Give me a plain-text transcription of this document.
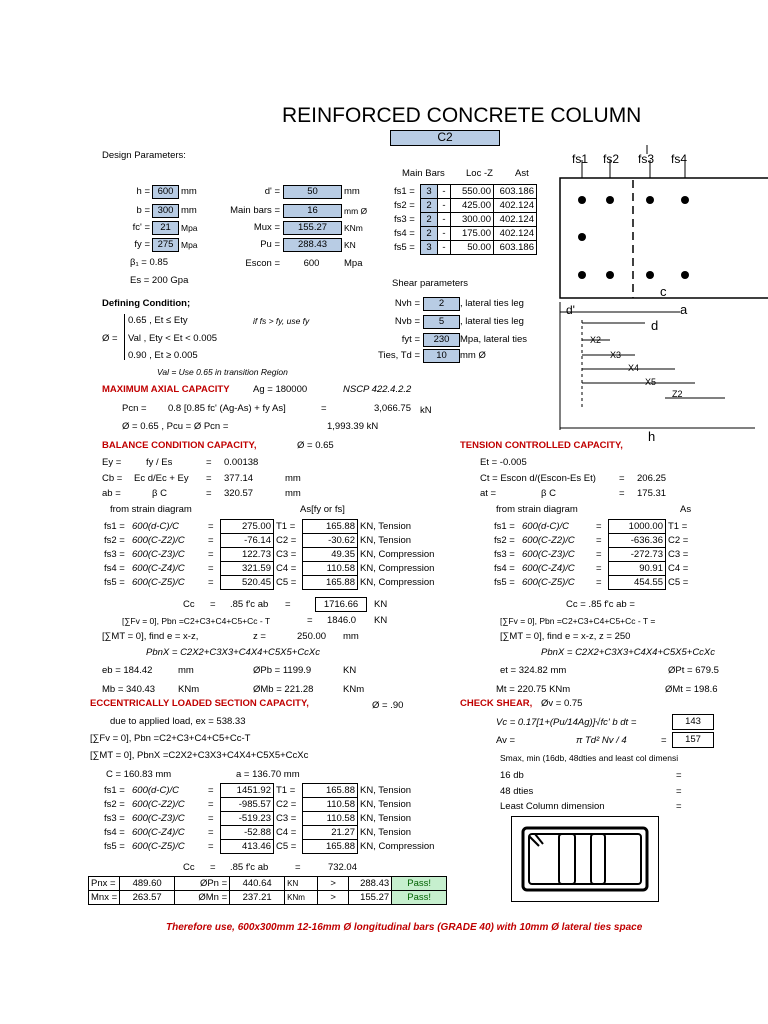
REINFORCED CONCRETE COLUMN
C2
Design Parameters:
h = 600 mm
b = 300 mm
fc' =	21	Mpa
fy = 275 Mpa
β₁ = 0.85
Es = 200 Gpa
d' =	50	mm
Main bars =	16	mm Ø
Mux =	155.27	KNm
Pu =	288.43	KN
Escon =	600	Mpa
Main Bars Loc -Z Ast
fs1 =	3	-	550.00	603.186
fs2 =	2	-	425.00	402.124
fs3 =	2	-	300.00	402.124
fs4 =	2	-	175.00	402.124
fs5 =	3	-	50.00	603.186
Shear parameters
Nvh =	2	, lateral ties leg
Nvb =	5	, lateral ties leg
fyt =	230	Mpa, lateral ties
Ties, Td =	10	mm Ø
Defining Condition;
Ø =
0.65 , Et ≤ Ety
Val , Ety < Et < 0.005
0.90 , Et ≥ 0.005
if fs > fy, use fy
Val = Use 0.65 in transition Region
MAXIMUM AXIAL CAPACITY Ag = 180000	NSCP 422.4.2.2
Pcn = 0.8 [0.85 fc' (Ag-As) + fy As]	=	3,066.75 kN
Ø = 0.65 , Pcu = Ø Pcn =	1,993.39 kN
BALANCE CONDITION CAPACITY,	Ø = 0.65
Ey =	fy / Es	= 0.00138
Cb = Ec d/Ec + Ey = 377.14	mm
ab =	β C	= 320.57	mm
from strain diagram	As[fy or fs]
fs1 =	600(d-C)/C	=	275.00	T1 =	165.88	KN, Tension
fs2 =	600(C-Z2)/C	=	-76.14	C2 =	-30.62	KN, Tension
fs3 =	600(C-Z3)/C	=	122.73	C3 =	49.35	KN, Compression
fs4 =	600(C-Z4)/C	=	321.59	C4 =	110.58	KN, Compression
fs5 =	600(C-Z5)/C	=	520.45	C5 =	165.88	KN, Compression
Cc = .85 f'c ab =	1716.66	KN
[∑Fv = 0], Pbn =C2+C3+C4+C5+Cc - T	= 1846.0 KN
[∑MT = 0], find e = x-z,	z =	250.00 mm
PbnX = C2X2+C3X3+C4X4+C5X5+CcXc
eb = 184.42	mm	ØPb = 1199.9	KN
Mb = 340.43 KNm	ØMb = 221.28	KNm
ECCENTRICALLY LOADED SECTION CAPACITY,	Ø = .90
due to applied load, ex = 538.33
[∑Fv = 0], Pbn =C2+C3+C4+C5+Cc-T
[∑MT = 0], PbnX =C2X2+C3X3+C4X4+C5X5+CcXc
C = 160.83 mm	a = 136.70 mm
fs1 =	600(d-C)/C	=	1451.92	T1 =	165.88	KN, Tension
fs2 =	600(C-Z2)/C	=	-985.57	C2 =	110.58	KN, Tension
fs3 =	600(C-Z3)/C	=	-519.23	C3 =	110.58	KN, Tension
fs4 =	600(C-Z4)/C	=	-52.88	C4 =	21.27	KN, Tension
fs5 =	600(C-Z5)/C	=	413.46	C5 =	165.88	KN, Compression
Cc = .85 f'c ab	=	732.04
Pnx =	489.60	ØPn =	440.64	KN	>	288.43	Pass!
Mnx =	263.57	ØMn =	237.21	KNm	>	155.27	Pass!
TENSION CONTROLLED CAPACITY,
Et = -0.005
Ct = Escon d/(Escon-Es Et) = 206.25
at =	β C	= 175.31
from strain diagram	As
fs1 =	600(d-C)/C	=	1000.00	T1 =
fs2 =	600(C-Z2)/C	=	-636.36	C2 =
fs3 =	600(C-Z3)/C	=	-272.73	C3 =
fs4 =	600(C-Z4)/C	=	90.91	C4 =
fs5 =	600(C-Z5)/C	=	454.55	C5 =
Cc = .85 f'c ab =
[∑Fv = 0], Pbn =C2+C3+C4+C5+Cc - T =
[∑MT = 0], find e = x-z, z = 250
PbnX = C2X2+C3X3+C4X4+C5X5+CcXc
et = 324.82 mm	ØPt = 679.5
Mt = 220.75 KNm	ØMt = 198.6
CHECK SHEAR, Øv = 0.75
Vc = 0.17[1+(Pu/14Ag)]√fc' b dt =	143
Av =	π Td² Nv / 4	=	157
Smax, min (16db, 48dties and least col dimensi
16 db	=
48 dties	=
Least Column dimension	=
fs1 fs2 fs3 fs4
c
d'	a
d
X2
X3
X4
X5
Z2
h
Therefore use, 600x300mm 12-16mm Ø longitudinal bars (GRADE 40) with 10mm Ø lateral ties space
